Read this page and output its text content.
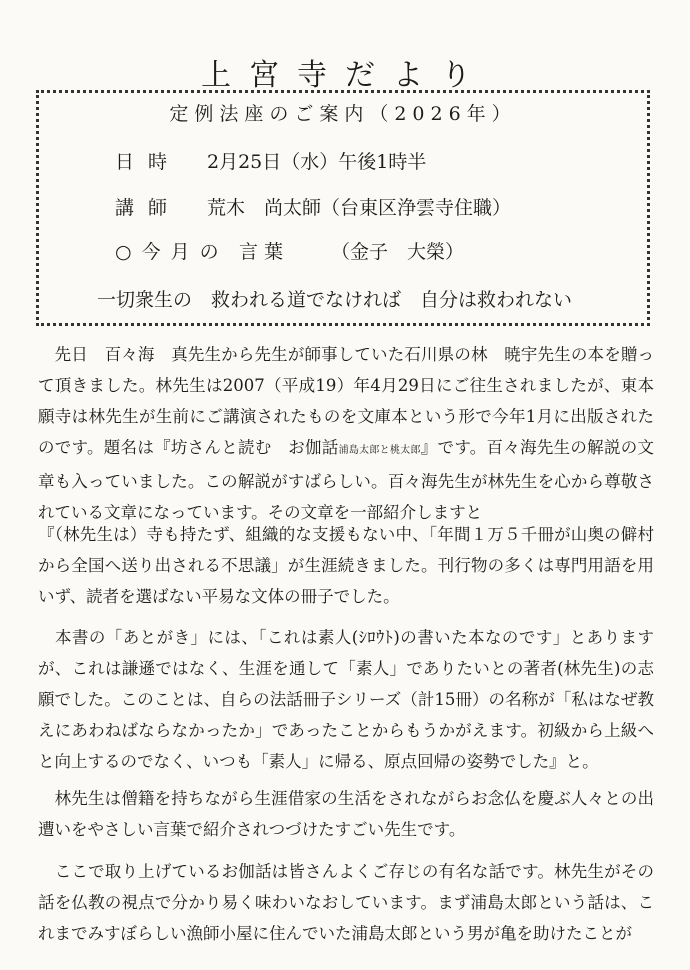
上宮寺だより
定例法座のご案内（2026年）
日時 2月25日（水）午後1時半
講師 荒木　尚太師（台東区浄雲寺住職）
○今月の 言葉 （金子　大榮）
一切衆生の　救われる道でなければ　自分は救われない

先日　百々海　真先生から先生が師事していた石川県の林　暁宇先生の本を贈って頂きました。林先生は2007（平成19）年4月29日にご往生されましたが、東本願寺は林先生が生前にご講演されたものを文庫本という形で今年1月に出版されたのです。題名は『坊さんと読む　お伽話浦島太郎と桃太郎』です。百々海先生の解説の文章も入っていました。この解説がすばらしい。百々海先生が林先生を心から尊敬されている文章になっています。その文章を一部紹介しますと

『（林先生は）寺も持たず、組織的な支援もない中、「年間１万５千冊が山奥の僻村から全国へ送り出される不思議」が生涯続きました。刊行物の多くは専門用語を用いず、読者を選ばない平易な文体の冊子でした。

本書の「あとがき」には、「これは素人(ｼﾛｳﾄ)の書いた本なのです」とありますが、これは謙遜ではなく、生涯を通して「素人」でありたいとの著者(林先生)の志願でした。このことは、自らの法話冊子シリーズ（計15冊）の名称が「私はなぜ教えにあわねばならなかったか」であったことからもうかがえます。初級から上級へと向上するのでなく、いつも「素人」に帰る、原点回帰の姿勢でした』と。

林先生は僧籍を持ちながら生涯借家の生活をされながらお念仏を慶ぶ人々との出遭いをやさしい言葉で紹介されつづけたすごい先生です。

ここで取り上げているお伽話は皆さんよくご存じの有名な話です。林先生がその話を仏教の視点で分かり易く味わいなおしています。まず浦島太郎という話は、これまでみすぼらしい漁師小屋に住んでいた浦島太郎という男が亀を助けたことが
